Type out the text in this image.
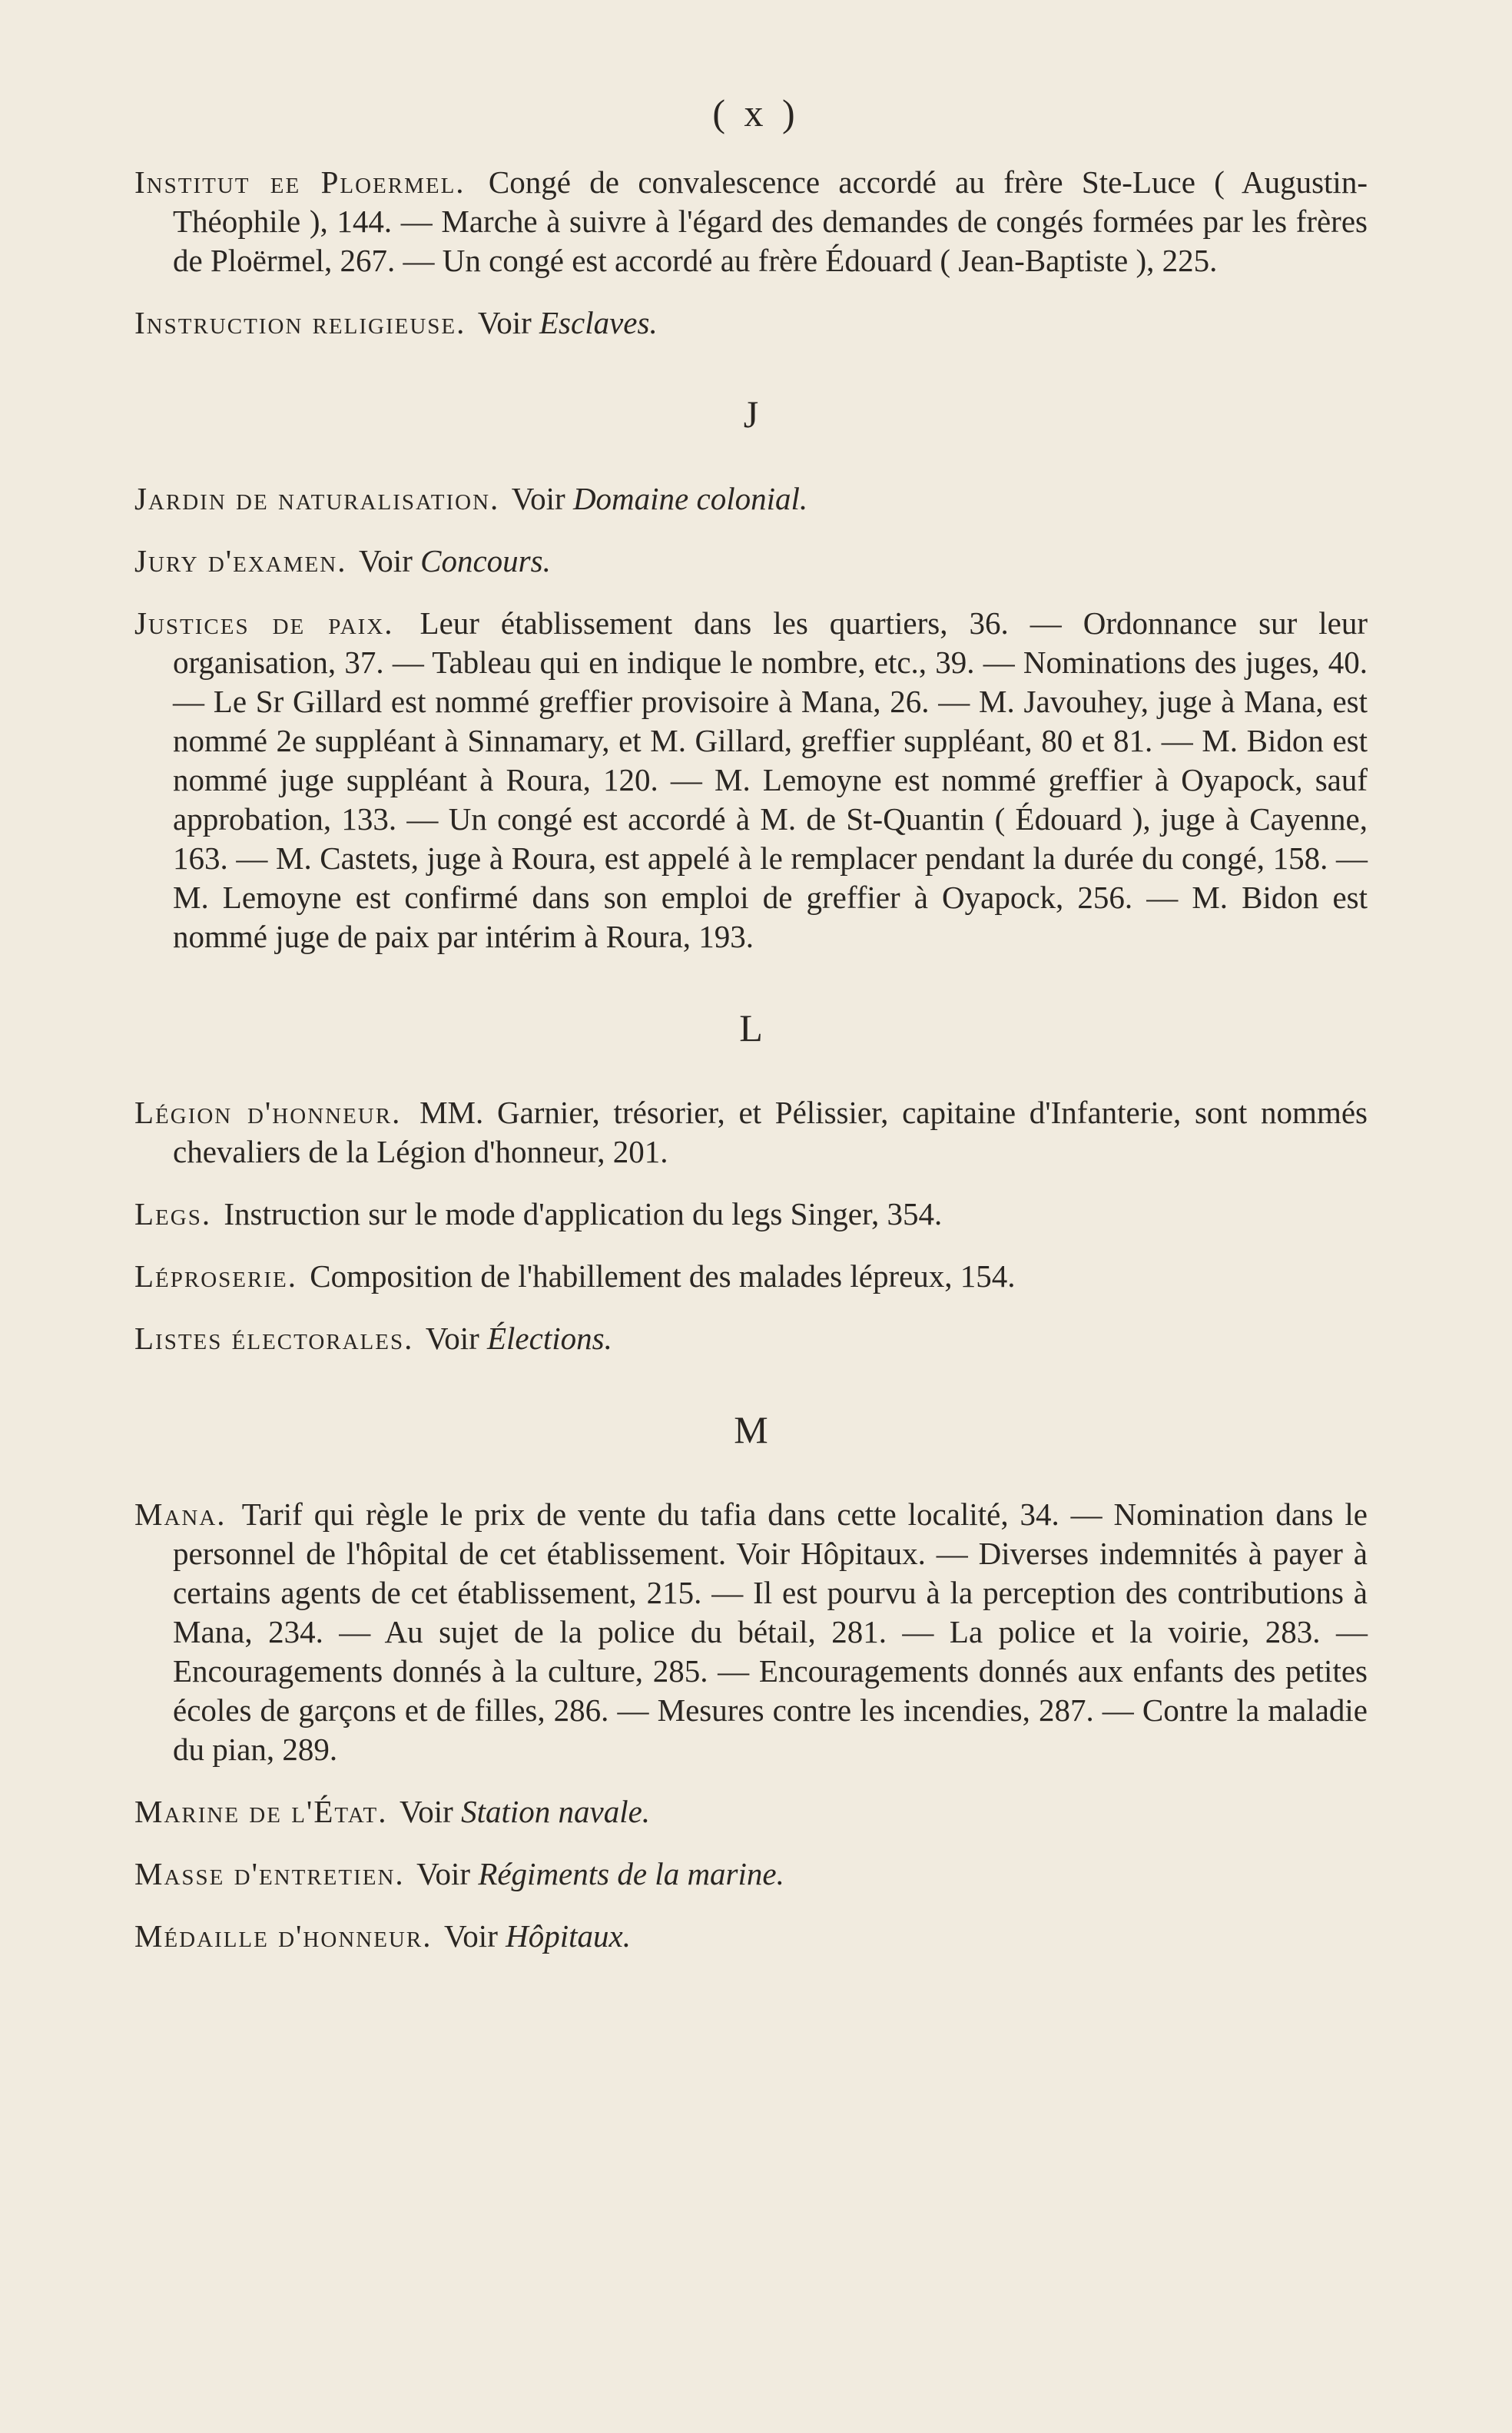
( x )

Institut ee Ploermel. Congé de convalescence accordé au frère Ste-Luce ( Augustin-Théophile ), 144. — Marche à suivre à l'égard des demandes de congés formées par les frères de Ploërmel, 267. — Un congé est accordé au frère Édouard ( Jean-Baptiste ), 225.

Instruction religieuse. Voir Esclaves.

J

Jardin de naturalisation. Voir Domaine colonial.

Jury d'examen. Voir Concours.

Justices de paix. Leur établissement dans les quartiers, 36. — Ordonnance sur leur organisation, 37. — Tableau qui en indique le nombre, etc., 39. — Nominations des juges, 40. — Le Sr Gillard est nommé greffier provisoire à Mana, 26. — M. Javouhey, juge à Mana, est nommé 2e suppléant à Sinnamary, et M. Gillard, greffier suppléant, 80 et 81. — M. Bidon est nommé juge suppléant à Roura, 120. — M. Lemoyne est nommé greffier à Oyapock, sauf approbation, 133. — Un congé est accordé à M. de St-Quantin ( Édouard ), juge à Cayenne, 163. — M. Castets, juge à Roura, est appelé à le remplacer pendant la durée du congé, 158. — M. Lemoyne est confirmé dans son emploi de greffier à Oyapock, 256. — M. Bidon est nommé juge de paix par intérim à Roura, 193.

L

Légion d'honneur. MM. Garnier, trésorier, et Pélissier, capitaine d'Infanterie, sont nommés chevaliers de la Légion d'honneur, 201.

Legs. Instruction sur le mode d'application du legs Singer, 354.

Léproserie. Composition de l'habillement des malades lépreux, 154.

Listes électorales. Voir Élections.

M

Mana. Tarif qui règle le prix de vente du tafia dans cette localité, 34. — Nomination dans le personnel de l'hôpital de cet établissement. Voir Hôpitaux. — Diverses indemnités à payer à certains agents de cet établissement, 215. — Il est pourvu à la perception des contributions à Mana, 234. — Au sujet de la police du bétail, 281. — La police et la voirie, 283. — Encouragements donnés à la culture, 285. — Encouragements donnés aux enfants des petites écoles de garçons et de filles, 286. — Mesures contre les incendies, 287. — Contre la maladie du pian, 289.

Marine de l'État. Voir Station navale.

Masse d'entretien. Voir Régiments de la marine.

Médaille d'honneur. Voir Hôpitaux.
